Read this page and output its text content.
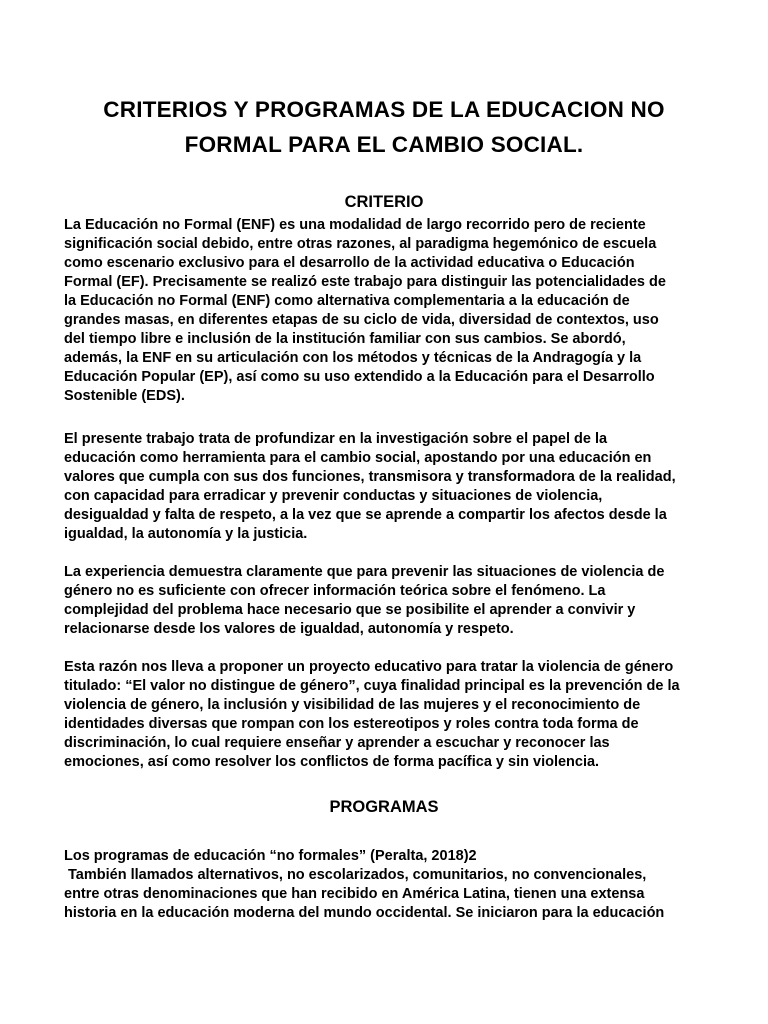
CRITERIOS Y PROGRAMAS DE LA EDUCACION NO
FORMAL PARA EL CAMBIO SOCIAL.
CRITERIO

La Educación no Formal (ENF) es una modalidad de largo recorrido pero de reciente
significación social debido, entre otras razones, al paradigma hegemónico de escuela
como escenario exclusivo para el desarrollo de la actividad educativa o Educación
Formal (EF). Precisamente se realizó este trabajo para distinguir las potencialidades de
la Educación no Formal (ENF) como alternativa complementaria a la educación de
grandes masas, en diferentes etapas de su ciclo de vida, diversidad de contextos, uso
del tiempo libre e inclusión de la institución familiar con sus cambios. Se abordó,
además, la ENF en su articulación con los métodos y técnicas de la Andragogía y la
Educación Popular (EP), así como su uso extendido a la Educación para el Desarrollo
Sostenible (EDS).

El presente trabajo trata de profundizar en la investigación sobre el papel de la
educación como herramienta para el cambio social, apostando por una educación en
valores que cumpla con sus dos funciones, transmisora y transformadora de la realidad,
con capacidad para erradicar y prevenir conductas y situaciones de violencia,
desigualdad y falta de respeto, a la vez que se aprende a compartir los afectos desde la
igualdad, la autonomía y la justicia.

La experiencia demuestra claramente que para prevenir las situaciones de violencia de
género no es suficiente con ofrecer información teórica sobre el fenómeno. La
complejidad del problema hace necesario que se posibilite el aprender a convivir y
relacionarse desde los valores de igualdad, autonomía y respeto.

Esta razón nos lleva a proponer un proyecto educativo para tratar la violencia de género
titulado: “El valor no distingue de género”, cuya finalidad principal es la prevención de la
violencia de género, la inclusión y visibilidad de las mujeres y el reconocimiento de
identidades diversas que rompan con los estereotipos y roles contra toda forma de
discriminación, lo cual requiere enseñar y aprender a escuchar y reconocer las
emociones, así como resolver los conflictos de forma pacífica y sin violencia.

PROGRAMAS

Los programas de educación “no formales” (Peralta, 2018)2
También llamados alternativos, no escolarizados, comunitarios, no convencionales,
entre otras denominaciones que han recibido en América Latina, tienen una extensa
historia en la educación moderna del mundo occidental. Se iniciaron para la educación
